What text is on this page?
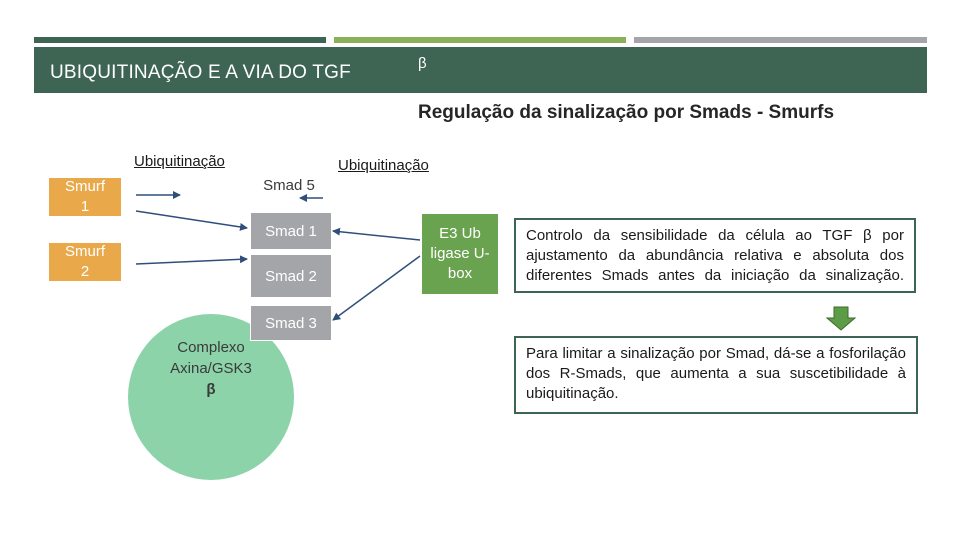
UBIQUITINAÇÃO E A VIA DO TGF	β
Regulação da sinalização por Smads - Smurfs
Smurf 1
Smurf 2
Ubiquitinação	Ubiquitinação
Smad 5
Smad 1
Smad 2
Complexo
Axina/GSK3
β
Smad 3
E3 Ub ligase U-box
Controlo da sensibilidade da célula ao TGF β por ajustamento da abundância relativa e absoluta dos diferentes Smads antes da iniciação da sinalização.
Para limitar a sinalização por Smad, dá-se a fosforilação dos R-Smads, que aumenta a sua suscetibilidade à ubiquitinação.
